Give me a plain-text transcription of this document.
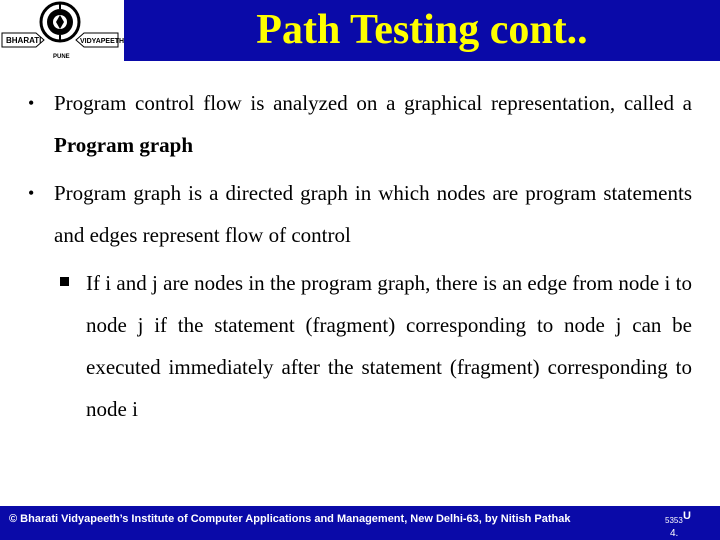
BHARATI	VIDYAPEETH
PUNE
Path Testing cont..
• Program control flow is analyzed on a graphical representation, called a Program graph
• Program graph is a directed graph in which nodes are program statements and edges represent flow of control
If i and j are nodes in the program graph, there is an edge from node i to node j if the statement (fragment) corresponding to node j can be executed immediately after the statement (fragment) corresponding to node i
© Bharati Vidyapeeth’s Institute of Computer Applications and Management, New Delhi-63, by Nitish Pathak	5353 U
4.
